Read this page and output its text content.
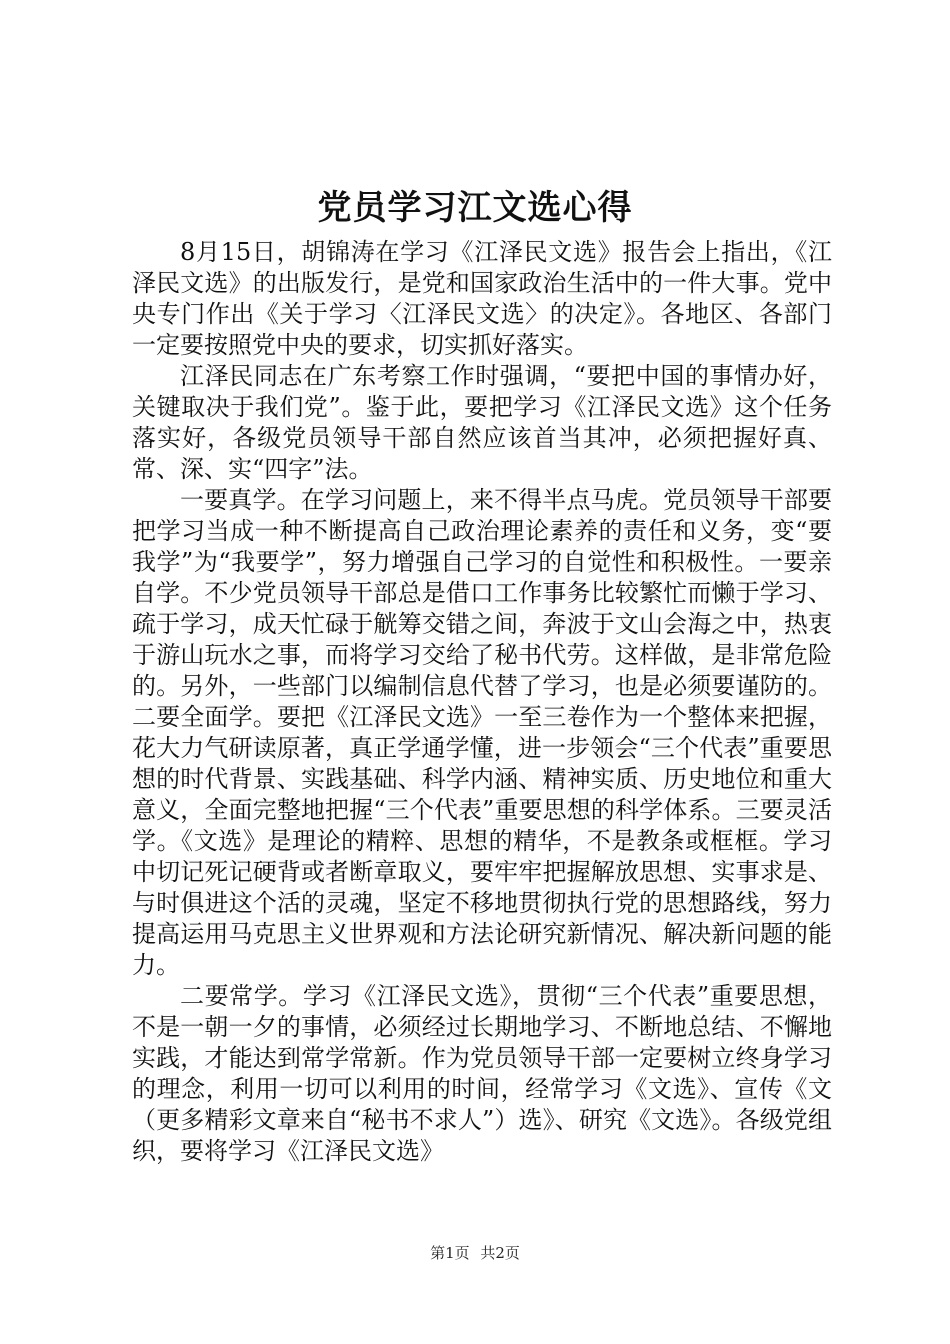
党员学习江文选心得

8月15日，胡锦涛在学习《江泽民文选》报告会上指出，《江泽民文选》的出版发行，是党和国家政治生活中的一件大事。党中央专门作出《关于学习〈江泽民文选〉的决定》。各地区、各部门一定要按照党中央的要求，切实抓好落实。

江泽民同志在广东考察工作时强调，“要把中国的事情办好，关键取决于我们党”。鉴于此，要把学习《江泽民文选》这个任务落实好，各级党员领导干部自然应该首当其冲，必须把握好真、常、深、实“四字”法。

一要真学。在学习问题上，来不得半点马虎。党员领导干部要把学习当成一种不断提高自己政治理论素养的责任和义务，变“要我学”为“我要学”，努力增强自己学习的自觉性和积极性。一要亲自学。不少党员领导干部总是借口工作事务比较繁忙而懒于学习、疏于学习，成天忙碌于觥筹交错之间，奔波于文山会海之中，热衷于游山玩水之事，而将学习交给了秘书代劳。这样做，是非常危险的。另外，一些部门以编制信息代替了学习，也是必须要谨防的。二要全面学。要把《江泽民文选》一至三卷作为一个整体来把握，花大力气研读原著，真正学通学懂，进一步领会“三个代表”重要思想的时代背景、实践基础、科学内涵、精神实质、历史地位和重大意义，全面完整地把握“三个代表”重要思想的科学体系。三要灵活学。《文选》是理论的精粹、思想的精华，不是教条或框框。学习中切记死记硬背或者断章取义，要牢牢把握解放思想、实事求是、与时俱进这个活的灵魂，坚定不移地贯彻执行党的思想路线，努力提高运用马克思主义世界观和方法论研究新情况、解决新问题的能力。

二要常学。学习《江泽民文选》，贯彻“三个代表”重要思想，不是一朝一夕的事情，必须经过长期地学习、不断地总结、不懈地实践，才能达到常学常新。作为党员领导干部一定要树立终身学习的理念，利用一切可以利用的时间，经常学习《文选》、宣传《文（更多精彩文章来自“秘书不求人”）选》、研究《文选》。各级党组织，要将学习《江泽民文选》

第1页 共2页
